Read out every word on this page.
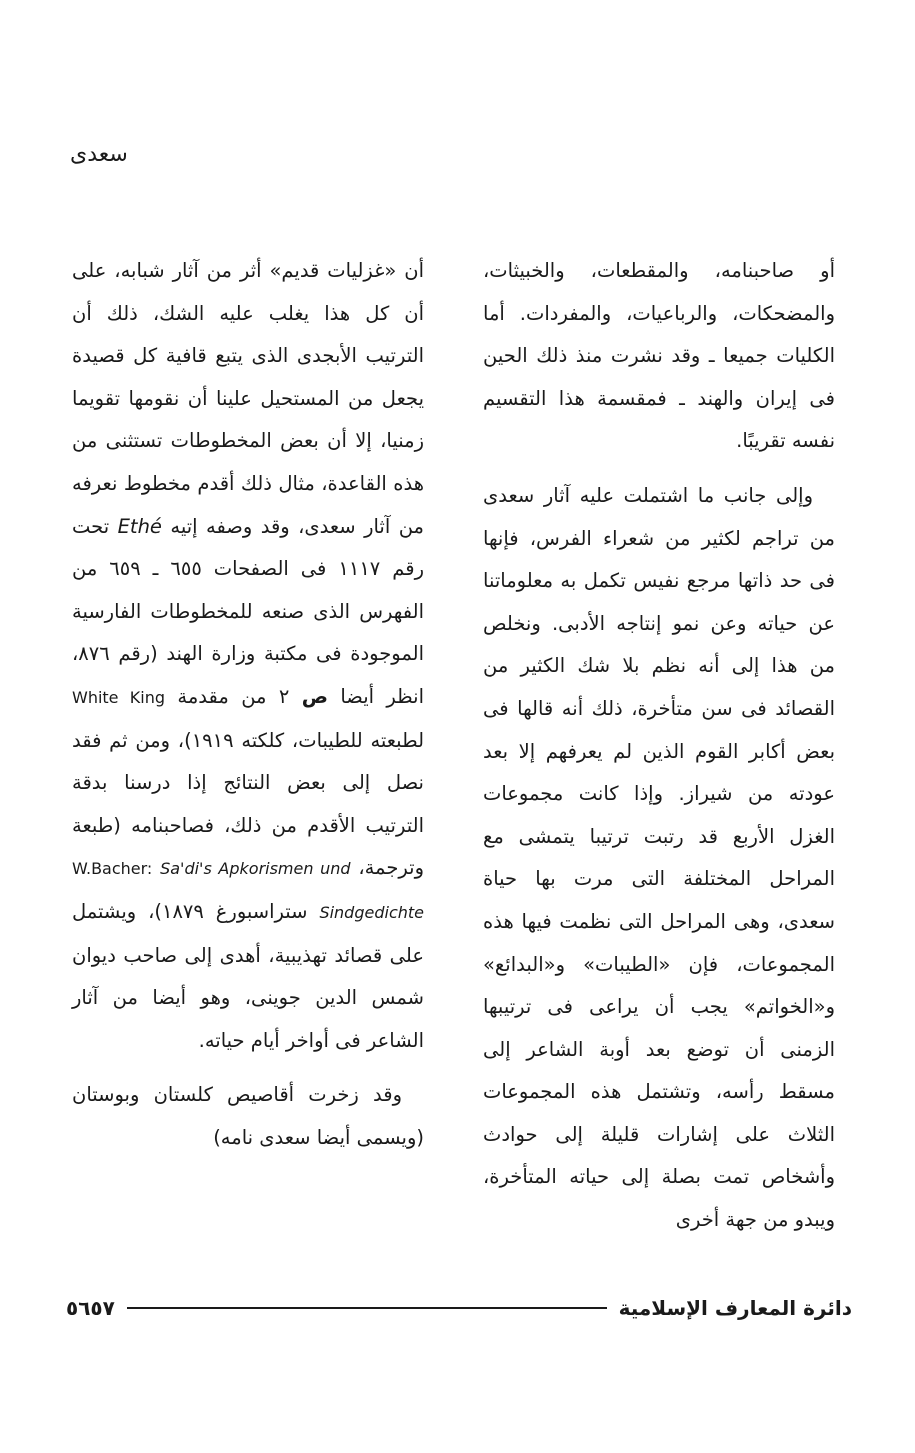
سعدى

أو صاحبنامه، والمقطعات، والخبيثات، والمضحكات، والرباعيات، والمفردات. أما الكليات جميعا ـ وقد نشرت منذ ذلك الحين فى إيران والهند ـ فمقسمة هذا التقسيم نفسه تقريبًا.

وإلى جانب ما اشتملت عليه آثار سعدى من تراجم لكثير من شعراء الفرس، فإنها فى حد ذاتها مرجع نفيس تكمل به معلوماتنا عن حياته وعن نمو إنتاجه الأدبى. ونخلص من هذا إلى أنه نظم بلا شك الكثير من القصائد فى سن متأخرة، ذلك أنه قالها فى بعض أكابر القوم الذين لم يعرفهم إلا بعد عودته من شيراز. وإذا كانت مجموعات الغزل الأربع قد رتبت ترتيبا يتمشى مع المراحل المختلفة التى مرت بها حياة سعدى، وهى المراحل التى نظمت فيها هذه المجموعات، فإن «الطيبات» و«البدائع» و«الخواتم» يجب أن يراعى فى ترتيبها الزمنى أن توضع بعد أوبة الشاعر إلى مسقط رأسه، وتشتمل هذه المجموعات الثلاث على إشارات قليلة إلى حوادث وأشخاص تمت بصلة إلى حياته المتأخرة، ويبدو من جهة أخرى

أن «غزليات قديم» أثر من آثار شبابه، على أن كل هذا يغلب عليه الشك، ذلك أن الترتيب الأبجدى الذى يتبع قافية كل قصيدة يجعل من المستحيل علينا أن نقومها تقويما زمنيا، إلا أن بعض المخطوطات تستثنى من هذه القاعدة، مثال ذلك أقدم مخطوط نعرفه من آثار سعدى، وقد وصفه إتيه Ethé تحت رقم ١١١٧ فى الصفحات ٦٥٥ ـ ٦٥٩ من الفهرس الذى صنعه للمخطوطات الفارسية الموجودة فى مكتبة وزارة الهند (رقم ٨٧٦، انظر أيضا ص ٢ من مقدمة White King لطبعته للطيبات، كلكته ١٩١٩)، ومن ثم فقد نصل إلى بعض النتائج إذا درسنا بدقة الترتيب الأقدم من ذلك، فصاحبنامه (طبعة وترجمة، W.Bacher: Sa'di's Apkorismen und Sindgedichte ستراسبورغ ١٨٧٩)، ويشتمل على قصائد تهذيبية، أهدى إلى صاحب ديوان شمس الدين جوينى، وهو أيضا من آثار الشاعر فى أواخر أيام حياته.

وقد زخرت أقاصيص كلستان وبوستان (ويسمى أيضا سعدى نامه)

دائرة المعارف الإسلامية
٥٦٥٧
